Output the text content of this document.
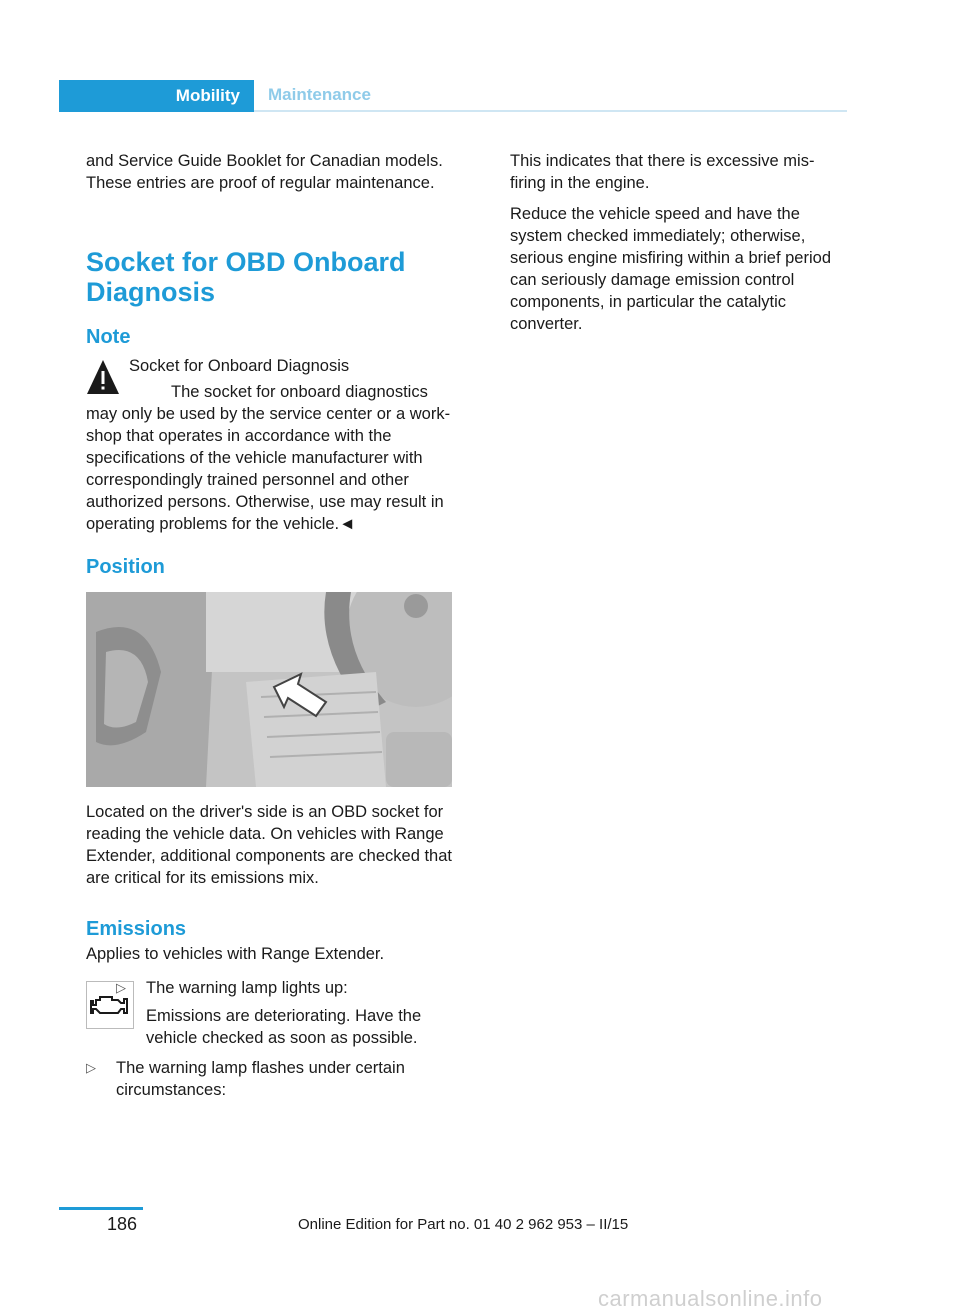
Mobility	Maintenance

and Service Guide Booklet for Canadian models. These entries are proof of regular maintenance.

Socket for OBD Onboard Diagnosis
Note

Socket for Onboard Diagnosis

The socket for onboard diagnostics may only be used by the service center or a workshop that operates in accordance with the specifications of the vehicle manufacturer with correspondingly trained personnel and other authorized persons. Otherwise, use may result in operating problems for the vehicle.◄

Position

Located on the driver's side is an OBD socket for reading the vehicle data. On vehicles with Range Extender, additional components are checked that are critical for its emissions mix.

Emissions

Applies to vehicles with Range Extender.

▷ The warning lamp lights up:
Emissions are deteriorating. Have the vehicle checked as soon as possible.
▷ The warning lamp flashes under certain circumstances:

This indicates that there is excessive misfiring in the engine.

Reduce the vehicle speed and have the system checked immediately; otherwise, serious engine misfiring within a brief period can seriously damage emission control components, in particular the catalytic converter.

186	Online Edition for Part no. 01 40 2 962 953 – II/15
carmanualsonline.info
